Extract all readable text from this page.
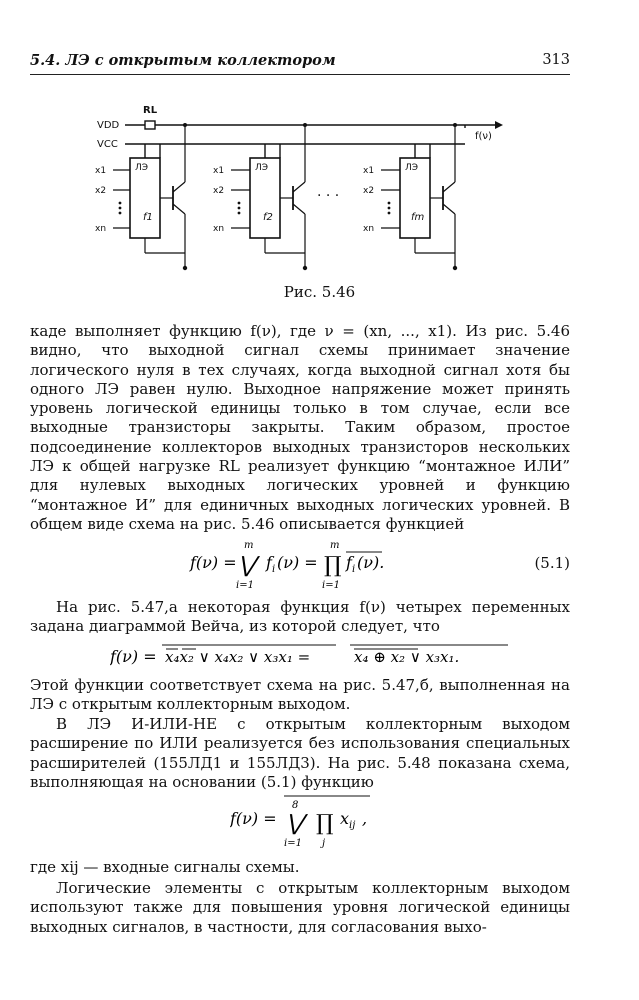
5.4. ЛЭ с открытым коллектором	313
VDD
VCC
RL
f(ν)
ЛЭ
f1
x1
x2
xn
ЛЭ
f2
x1
x2
xn
· · ·
ЛЭ
fm
x1
x2
xn
Рис. 5.46

каде выполняет функцию f(ν), где ν = (xn, ..., x1). Из рис. 5.46 видно, что выходной сигнал схемы принимает значение логического нуля в тех случаях, когда выходной сигнал хотя бы одного ЛЭ равен нулю. Выходное напряжение может принять уровень логической единицы только в том случае, если все выходные транзисторы закрыты. Таким образом, простое подсоединение коллекторов выходных транзисторов нескольких ЛЭ к общей нагрузке RL реализует функцию “монтажное ИЛИ” для нулевых выходных логических уровней и функцию “монтажное И” для единичных выходных логических уровней. В общем виде схема на рис. 5.46 описывается функцией

f(ν) =
m
⋁
i=1
f i (ν) =
m
∏
i=1
f i (ν).	(5.1)

На рис. 5.47,а некоторая функция f(ν) четырех переменных задана диаграммой Вейча, из которой следует, что

f(ν) = x₄x₂ ∨ x₄x₂ ∨ x₃x₁ =	x₄ ⊕ x₂ ∨ x₃x₁.

Этой функции соответствует схема на рис. 5.47,б, выполненная на ЛЭ с открытым коллекторным выходом.

В ЛЭ И-ИЛИ-НЕ с открытым коллекторным выходом расширение по ИЛИ реализуется без использования специальных расширителей (155ЛД1 и 155ЛД3). На рис. 5.48 показана схема, выполняющая на основании (5.1) функцию

f(ν) =
8
⋁
i=1
∏
j
x ij ,

где xij — входные сигналы схемы.

Логические элементы с открытым коллекторным выходом используют также для повышения уровня логической единицы выходных сигналов, в частности, для согласования выхо-
